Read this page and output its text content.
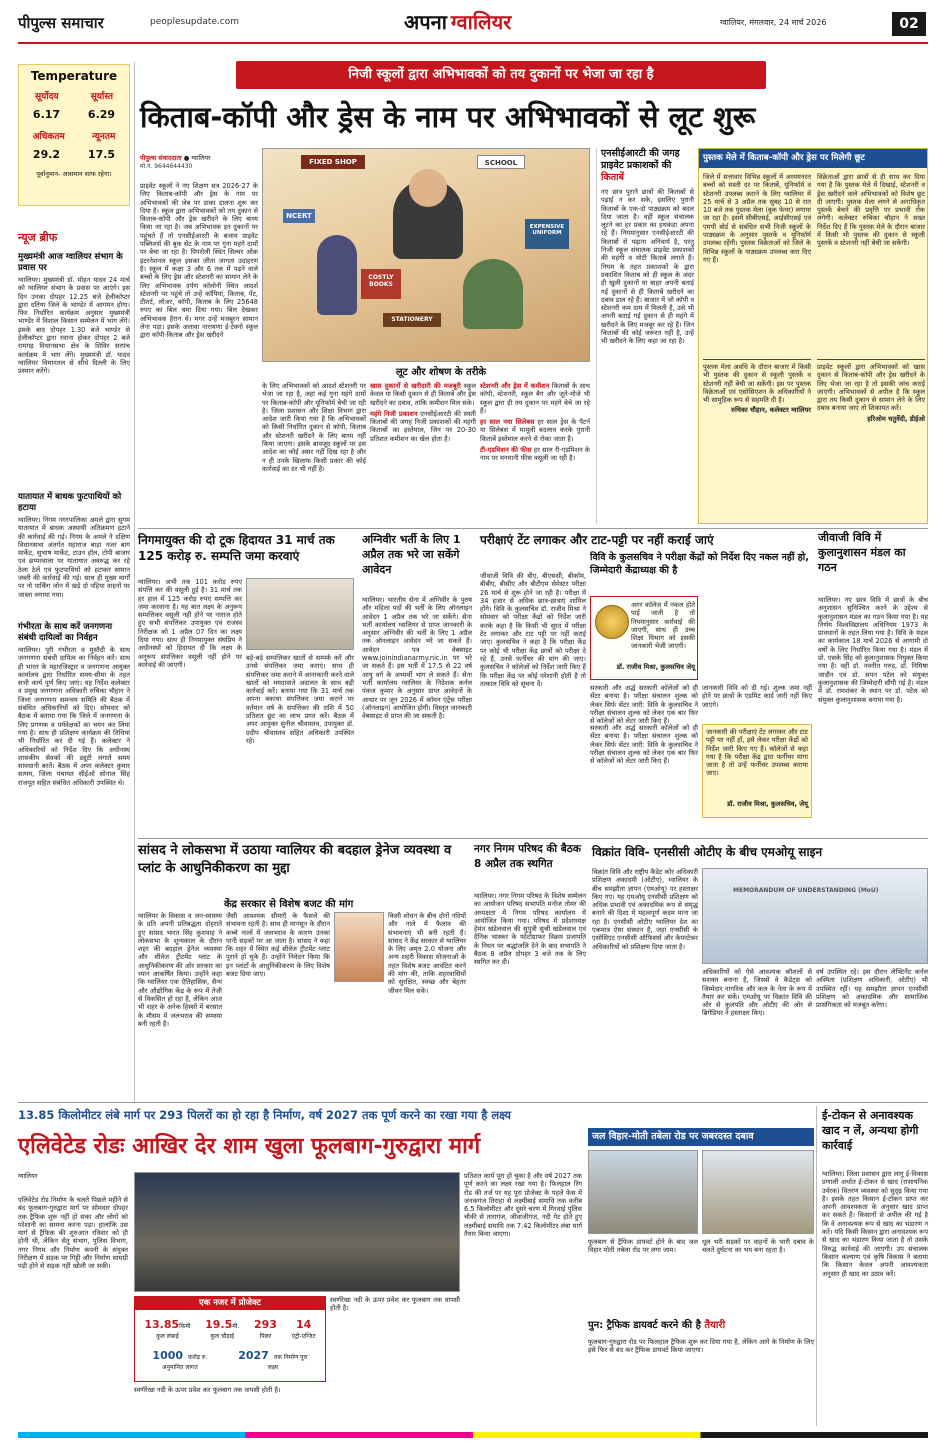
पीपुल्स समाचार	peoplesupdate.com	अपना ग्वालियर	ग्वालियर, मंगलवार, 24 मार्च 2026	02
Temperature
सूर्योदय	सूर्यास्त
6.17	6.29
अधिकतम	न्यूनतम
29.2	17.5
पूर्वानुमान- आसमान साफ रहेगा।
न्यूज ब्रीफ
मुख्यमंत्री आज ग्वालियर संभाग के प्रवास पर
ग्वालियर। मुख्यमंत्री डॉ. मोहन यादव 24 मार्च को ग्वालियर संभाग के प्रवास पर आएंगे। इस दिन उनका दोपहर 12.25 बजे हेलीकॉप्टर द्वारा दतिया जिले के भाण्डेर में आगमन होगा। फिर निर्धारित कार्यक्रम अनुसार मुख्यमंत्री भाण्डेर में विशाल किसान सम्मेलन में भाग लेंगे। इसके बाद दोपहर 1.30 बजे भाण्डेर से हेलीकॉप्टर द्वारा रवाना होकर दोपहर 2 बजे रामगढ़ विधानसभा क्षेत्र के शिविर सरपंच कार्यक्रम में भाग लेंगे। मुख्यमंत्री डॉ. यादव ग्वालियर विमानतल से सीधे दिल्ली के लिए प्रस्थान करेंगे।
यातायात में बाधक फुटपाथियों को हटाया
ग्वालियर। निगम नगरपालिका अमले द्वारा सुगम यातायात में बाधक अस्थायी अतिक्रमण हटाने की कार्रवाई की गई। निगम के अमले ने दक्षिण विधानसभा अंतर्गत महाराज बाड़ा नजर बाग मार्केट, सुभाष मार्केट, टाउन हॉल, टोपी बाजार एवं छप्परवाला पर यातायात अवरुद्ध कर रहे ठेला ठेले एवं फुटपाथियों को हटाकर सामान जब्ती की कार्रवाई की गई। साथ ही मुख्य मार्गों पर नो पार्किंग जोन में खड़े दो पहिया वाहनों पर जाब्ता लगाया गया।
गंभीरता के साथ करें जनगणना संबंधी दायित्वों का निर्वहन
ग्वालियर। पूरी गंभीरता व मुस्तैदी के साथ जनगणना संबंधी दायित्व का निर्वहन करें। साथ ही भारत के महारजिस्ट्रार व जनगणना आयुक्त कार्यालय द्वारा निर्धारित समय-सीमा के तहत सभी कार्य पूर्ण किए जाएं। यह निर्देश कलेक्टर व प्रमुख जनगणना अधिकारी रुचिका चौहान ने जिला जनगणना समन्वय समिति की बैठक में संबंधित अधिकारियों को दिए। सोमवार को बैठक में बताया गया कि जिले में जनगणना के लिए प्रगणक व पर्यवेक्षकों का चयन कर लिया गया है। साथ ही प्रशिक्षण कार्यक्रम की तिथियां भी निर्धारित कर दी गई हैं। कलेक्टर ने अधिकारियों को निर्देश दिए कि अधीनस्थ शासकीय सेवकों की ड्यूटी लगाते समय सावधानी बरतें। बैठक में अपर कलेक्टर कुमार सत्यम, जिला पंचायत सीईओ सोनाल सिंह राजपूत सहित संबंधित अधिकारी उपस्थित थे।
निजी स्कूलों द्वारा अभिभावकों को तय दुकानों पर भेजा जा रहा है
किताब-कॉपी और ड्रेस के नाम पर अभिभावकों से लूट शुरू
पीपुल्स संवाददाता ● ग्वालियर
मो.नं. 9644644430
प्राइवेट स्कूलों ने नए शिक्षण सत्र 2026-27 के लिए किताब-कॉपी और ड्रेस के नाम पर अभिभावकों की जेब पर डाका डालना शुरू कर दिया है। स्कूल द्वारा अभिभावकों को तय दुकान से किताब-कॉपी और ड्रेस खरीदने के लिए बाध्य किया जा रहा है। जब अभिभावक इन दुकानों पर पहुंचते हैं तो एनसीईआरटी के बजाय प्राइवेट पब्लिशर्स की बुक सेट के नाम पर गुना महंगे दामों पर बेचा जा रहा है। पिपरोली स्थित सिल्वर ओक इंटरनेशनल स्कूल इसका जीता जागता उदाहरण है। स्कूल में कक्षा 3 और 6 तक में पढ़ने वाले बच्चों के लिए ड्रेस और स्टेशनरी का सामान लेने के लिए अभिभावक दर्पण कॉलोनी स्थित आदर्श स्टेशनरी पर पहुंचे तो उन्हें कॉपियां, किताब, पेंट, टीशर्ट, लोअर, कॉपी, किताब के लिए 25648 रुपए का बिल थमा दिया गया। बिल देखकर अभिभावक हैरान थे। मगर उन्हें मजबूरन सामान लेना पड़ा। इसके अलावा नारायणा ई-टेक्नो स्कूल द्वारा कॉपी-किताब और ड्रेस खरीदने
FIXED SHOP	SCHOOL
NCERT
COSTLY BOOKS
EXPENSIVE UNIFORM
STATIONERY
लूट और शोषण के तरीके
के लिए अभिभावकों को आदर्श स्टेशनरी पर भेजा जा रहा है, जहां कई गुना महंगे दामों पर किताब-कॉपी और यूनिफॉर्म बेची जा रही है। जिला प्रशासन और शिक्षा विभाग द्वारा आदेश जारी किया गया है कि अभिभावकों को किसी निर्धारित दुकान से कॉपी, किताब और स्टेशनरी खरीदने के लिए बाध्य नहीं किया जाएगा। इसके बावजूद स्कूलों पर इस आदेश का कोई असर नहीं दिख रहा है और न ही उनके खिलाफ किसी प्रकार की कोई कार्रवाई का डर भी नहीं है।
खास दुकानों से खरीदारी की मजबूरी स्कूल केवल या किसी दुकान से ही किताबें और ड्रेस खरीदने का दबाव, ताकि कमीशन मिल सके।
महंगे निजी प्रकाशन एनसीईआरटी की सस्ती किताबों की जगह निजी प्रकाशकों की महंगी किताबों का इस्तेमाल, जिन पर 20-30 प्रतिशत कमीशन का खेल होता है।
स्टेशनरी और ड्रेस में कमीशन किताबों के साथ कॉपी, स्टेशनरी, स्कूल बैग और जूते-मोजे भी स्कूल द्वारा ही तय दुकान पर महंगे बेचे जा रहे हैं।
हर साल नया सिलेबस हर साल ड्रेस के पैटर्न या सिलेबस में मामूली बदलाव करके पुरानी किताबें इस्तेमाल करने से रोका जाता है।
टी-एडमिशन की फीस हर साल री-एडमिशन के नाम पर मनमानी फीस वसूली जा रही है।
एनसीईआरटी की जगह प्राइवेट प्रकाशकों की किताबें
नए छात्र पुराने छात्रों की किताबों से पढ़ाई न कर सके, इसलिए पुरानी किताबों के एक-दो पाठ्यक्रम को बदल दिया जाता है। वहीं स्कूल संचालक लूटने का हर प्रकार का हथकंडा अपना रहे हैं। नियमानुसार एनसीईआरटी की किताबों से पढ़ाना अनिवार्य है, परंतु निजी स्कूल संचालक प्राइवेट प्रकाशकों की महंगी व मोटी किताबें लगाते हैं। नियम के तहत प्रकाशकों के द्वारा प्रकाशित किताब को ही स्कूल के अंदर ही खुली दुकानों या बाहर अपनी बताई गई दुकानों से ही किताबें खरीदने का दबाव डाल रहे हैं। बाजार में जो कॉपी व स्टेशनरी कम दाम में मिलती है, उसे भी अपनी बताई गई दुकान से ही महंगे में खरीदने के लिए मजबूर कर रहे हैं। जिन किताबों की कोई जरूरत नहीं है, उन्हें भी खरीदने के लिए कहा जा रहा है।
पुस्तक मेले में किताब-कॉपी और ड्रेस पर मिलेगी छूट
जिले में सत्तावार विभिन्न स्कूलों में अध्ययनरत बच्चों को सस्ती दर पर किताबें, यूनिफॉर्म व स्टेशनरी उपलब्ध कराने के लिए ग्वालियर में 25 मार्च से 3 अप्रैल तक सुबह 10 से रात 10 बजे तक पुस्तक मेला (बुक फेयर) लगाया जा रहा है। इसमें सीबीएसई, आईसीएसई एवं एमपी बोर्ड से संबंधित सभी निजी स्कूलों के पाठ्यक्रम के अनुसार पुस्तकें व यूनिफॉर्म उपलब्ध रहेंगी। पुस्तक विक्रेताओं को जिले के विभिन्न स्कूलों के पाठ्यक्रम उपलब्ध करा दिए गए हैं।
विक्रेताओं द्वारा छात्रों से ही साथ कर दिया गया है कि पुस्तक मेले में दिखाई, स्टेशनरी व ड्रेस खरीदने वाले अभिभावकों को विशेष छूट दी जाएगी। पुस्तक मेला लगने से अनाधिकृत पुस्तकें बेचने की प्रवृत्ति पर प्रभावी रोक लगेगी। कलेक्टर रुचिका चौहान ने सख्त निर्देश दिए हैं कि पुस्तक मेले के दौरान बाजार में किसी भी पुस्तक की दुकान से स्कूली पुस्तकें व स्टेशनरी नहीं बेची जा सकेंगी।
पुस्तक मेला अवधि के दौरान बाजार में किसी भी पुस्तक की दुकान से स्कूली पुस्तकें व स्टेशनरी नहीं बेची जा सकेंगी। इस पर पुस्तक विक्रेताओं एवं एसोसिएशन के अधिकारियों ने भी सामूहिक रूप से सहमति दी है।
रुचिका चौहान, कलेक्टर ग्वालियर
प्राइवेट स्कूलों द्वारा अभिभावकों को खास दुकान से किताब-कॉपी और ड्रेस खरीदने के लिए भेजा जा रहा है तो इसकी जांच कराई जाएगी। अभिभावकों से अपील है कि स्कूल द्वारा तय किसी दुकान से सामान लेने के लिए दबाव बनाया जाए तो शिकायत करें।
हरिओम चतुर्वेदी, डीईओ
निगमायुक्त की दो टूक हिदायत 31 मार्च तक 125 करोड़ रु. सम्पत्ति जमा करवाएं
ग्वालियर। अभी तक 101 करोड़ रुपए संपत्ति कर की वसूली हुई है। 31 मार्च तक हर हाल में 125 करोड़ रुपए सम्पत्ति कर जमा करवाना है। यह बात लक्ष्य के अनुरूप सम्पत्तिकर वसूली नहीं होने पर नाराज होते हुए सभी संपत्तिकर उपायुक्त एवं राजस्व निरीक्षक को 1 अप्रैल 07 दिन का लक्ष्य दिया गया। साथ ही निगमायुक्त संघप्रिय ने अधीनस्थों को हिदायत दी कि लक्ष्य के अनुरूप संपत्तिकर वसूली नहीं होने पर कार्रवाई की जाएगी।
बड़े-बड़े सम्पत्तिकर खातों से सम्पर्क करें और उनसे संपत्तिकर जमा कराएं। साथ ही संपत्तिकर जमा कराने में आनाकानी करने वाले खातों को मयदावाते अदालत के साथ बड़ी कार्रवाई करें। बताया गया कि 31 मार्च तक अपना बकाया संपत्तिकर जमा कराने पर वर्तमान वर्ष के संपत्तिकर की राशि में 50 प्रतिशत छूट का लाभ प्राप्त करें। बैठक में अपर आयुक्त सुनील श्रीवास्तव, उपायुक्त डॉ. प्रदीप श्रीवास्तव सहित अधिकारी उपस्थित रहे।
अग्निवीर भर्ती के लिए 1 अप्रैल तक भरे जा सकेंगे आवेदन
ग्वालियर। भारतीय सेना में अग्निवीर के पुरुष और महिला पदों की भर्ती के लिए ऑनलाइन आवेदन 1 अप्रैल तक भरे जा सकेंगे। सेना भर्ती कार्यालय ग्वालियर से प्राप्त जानकारी के अनुसार अग्निवीर की भर्ती के लिए 1 अप्रैल तक ऑनलाइन आवेदन भरे जा सकते हैं। आवेदन पत्र वेबसाइट www.joinindianarmy.nic.in पर भरे जा सकते हैं। इस भर्ती में 17.5 से 22 वर्ष आयु वर्ग के अभ्यर्थी भाग ले सकते हैं। सेना भर्ती कार्यालय ग्वालियर के निदेशक कर्नल पंकज कुमार के अनुसार प्राप्त आवेदनों के आधार पर जून 2026 में कॉमन एंट्रेंस परीक्षा (ऑनलाइन) आयोजित होगी। विस्तृत जानकारी वेबसाइट से प्राप्त की जा सकती है।
परीक्षाएं टेंट लगाकर और टाट-पट्टी पर नहीं कराई जाएं
विवि के कुलसचिव ने परीक्षा केंद्रों को निर्देश दिए नकल नहीं हो, जिम्मेदारी केंद्राध्यक्ष की है
जीवाजी विवि की बीए, बीएससी, बीकॉम, बीबीए, बीसीए और बीटीएम सेमेस्टर परीक्षा 26 मार्च से शुरू होने जा रही है। परीक्षा में 34 हजार से अधिक छात्र-छात्राएं शामिल होंगे। विवि के कुलसचिव डॉ. राजीव मिश्रा ने सोमवार को परीक्षा केंद्रों को निर्देश जारी करके कहा है कि किसी भी सूरत में परीक्षा टेंट लगाकर और टाट पट्टी पर नहीं कराई जाए। कुलसचिव ने कहा है कि परीक्षा केंद्र पर कोई भी परीक्षा केंद्र छात्रों को परीक्षा दे रहे हैं, उनसे फर्नीचर की मांग की जाए। कुलसचिव ने कॉलेजों को निर्देश जारी किए हैं कि परीक्षा केंद्र पर कोई परेशानी होती है तो तत्काल विवि को सूचना दें।
अगर कॉलेज में नकल होते पाई जाती है तो नियमानुसार कार्रवाई की जाएगी, साथ ही उच्च शिक्षा विभाग को इसकी जानकारी भेजी जाएगी।
डॉ. राजीव मिश्रा, कुलसचिव जेयू
सरकारी और अर्द्ध सरकारी कॉलेजों को ही सेंटर बनाया है। परीक्षा संचालन शुल्क को लेकर सिर्फ सेंटर जारी: विवि के कुलसचिव ने परीक्षा संचालन शुल्क को लेकर एक बार फिर से कॉलेजों को लेटर जारी किए हैं।
जानकारी विवि को दी गई। शुल्क जमा नहीं होने पर छात्रों के एडमिट कार्ड जारी नहीं किए जाएंगे।
जानकारी की परीक्षाएं टेंट लगाकर और टाट पट्टी पर नहीं हों, इसे लेकर परीक्षा केंद्रों को निर्देश जारी किए गए हैं। कॉलेजों से कहा गया है कि परीक्षा केंद्र द्वारा फर्नीचर मांगा जाता है तो उन्हें फर्नीचर उपलब्ध कराया जाए।
डॉ. राजीव मिश्रा, कुलसचिव, जेयू
सरकारी और अर्द्ध सरकारी कॉलेजों को ही सेंटर बनाया है। परीक्षा संचालन शुल्क को लेकर सिर्फ सेंटर जारी: विवि के कुलसचिव ने परीक्षा संचालन शुल्क को लेकर एक बार फिर से कॉलेजों को लेटर जारी किए हैं।
जीवाजी विवि में कुलानुशासन मंडल का गठन
ग्वालियर। नए छात्र विवि में छात्रों के बीच अनुशासन सुनिश्चित करने के उद्देश्य से कुलानुशासन मंडल का गठन किया गया है। यह निर्णय विश्वविद्यालय अधिनियम 1973 के प्रावधानों के तहत लिया गया है। विवि के मंडल का कार्यकाल 18 मार्च 2026 से आगामी दो वर्षों के लिए निर्धारित किया गया है। मंडल में प्रो. एसके सिंह को कुलानुशासक नियुक्त किया गया है। वहीं डॉ. नवनीत गरुड़, डॉ. निमिषा जादौन एवं डॉ. सपन पटेल को संयुक्त कुलानुशासक की जिम्मेदारी सौंपी गई है। मंडल में डॉ. रामशंकर के स्थान पर डॉ. पटेल को संयुक्त कुलानुशासक बनाया गया है।
सांसद ने लोकसभा में उठाया ग्वालियर की बदहाल ड्रेनेज व्यवस्था व प्लांट के आधुनिकीकरण का मुद्दा
केंद्र सरकार से विशेष बजट की मांग
ग्वालियर के विकास व जन-स्वास्थ्य के प्रति अपनी प्रतिबद्धता दोहराते हुए सांसद भारत सिंह कुशवाह ने लोकसभा के शून्यकाल के दौरान शहर की बदहाल ड्रेनेज व्यवस्था और सीवेज ट्रीटमेंट प्लांट के आधुनिकीकरण की ओर सरकार का ध्यान आकर्षित किया। उन्होंने कहा कि ग्वालियर एक ऐतिहासिक, सैन्य और औद्योगिक केंद्र के रूप में तेजी से विकसित हो रहा है, लेकिन आज भी शहर के अनेक हिस्सों में बरसात के मौसम में जलभराव की समस्या बनी रहती है।
जैसी आवश्यक सीमाएँ के फैसले की संभावना रहती है। साथ ही मानसून के दौरान कच्चे नालों में जलभराव के कारण उनका पानी सड़कों पर आ जाता है। सांसद ने कहा कि शहर में स्थित कई सीवेज ट्रीटमेंट प्लांट पुराने हो चुके हैं। उन्होंने निवेदन किया कि इन प्लांटों के आधुनिकीकरण के लिए विशेष बजट दिया जाए।
किसी शोधन के बीच दोनों नदियों और नाले में फैलाव की संभावनाएं भी बनी रहती हैं। सांसद ने केंद्र सरकार से ग्वालियर के लिए अमृत 2.0 योजना और अन्य शहरी विकास योजनाओं के तहत विशेष बजट आवंटित करने की मांग की, ताकि शहरवासियों को सुरक्षित, स्वच्छ और बेहतर जीवन मिल सके।
नगर निगम परिषद की बैठक 8 अप्रैल तक स्थगित
ग्वालियर। नगर निगम परिषद के विशेष सम्मेलन का आयोजन परिषद सभापति मनोज तोमर की अध्यक्षता में निगम परिषद कार्यालय में आयोजित किया गया। परिषद में प्रदेशाध्यक्ष हेमंत खंडेलवाल की सुपुत्री सुश्री खंडेलवाल एवं दैनिक भास्कर के फोटोग्राफर विक्रम प्रजापति के निधन पर श्रद्धांजलि देने के बाद सभापति ने बैठक 8 अप्रैल दोपहर 3 बजे तक के लिए स्थगित कर दी।
विक्रांत विवि- एनसीसी ओटीए के बीच एमओयू साइन
MEMORANDUM OF UNDERSTANDING (MoU)
विक्रांत विवि और राष्ट्रीय कैडेट कोर अधिकारी प्रशिक्षण अकादमी (ओटीए), ग्वालियर के बीच समझौता ज्ञापन (एमओयू) पर हस्ताक्षर किए गए। यह एमओयू एनसीसी प्रशिक्षण को अधिक प्रभावी एवं अकादमिक रूप से समृद्ध बनाने की दिशा में महत्वपूर्ण कदम माना जा रहा है। एनसीसी ओटीए ग्वालियर देश का एकमात्र ऐसा संस्थान है, जहां एनसीसी के एसोसिएट एनसीसी ऑफिसर्स और केयरटेकर अधिकारियों को प्रशिक्षण दिया जाता है।
अधिकारियों को ऐसे आवश्यक कौशलों से सशक्त बनाना है, जिससे वे कैडेट्स को जिम्मेदार नागरिक और कल के नेता के रूप में तैयार कर सकें। एमओयू पर विक्रांत विवि की ओर से कुलपति और ओटीए की ओर से ब्रिगेडियर ने हस्ताक्षर किए।
वर्ष उपस्थित रहे। इस दौरान लेफ्टिनेंट कर्नल अस्मिता (प्रशिक्षण अधिकारी, ओटीए) भी उपस्थित रहीं। यह समझौता ज्ञापन एनसीसी प्रशिक्षण को अकादमिक और सामाजिक प्रासंगिकता को मजबूत करेगा।
13.85 किलोमीटर लंबे मार्ग पर 293 पिलरों का हो रहा है निर्माण, वर्ष 2027 तक पूर्ण करने का रखा गया है लक्ष्य
एलिवेटेड रोडः आखिर देर शाम खुला फूलबाग-गुरुद्वारा मार्ग
ग्वालियर
एलिवेटेड रोड निर्माण के चलते पिछले महीने से बंद फूलबाग-गुरुद्वारा मार्ग पर सोमवार दोपहर तक ट्रैफिक शुरू नहीं हो सका और लोगों को परेशानी का सामना करना पड़ा। हालांकि उस मार्ग से ट्रैफिक की शुरुआत रविवार को ही होनी थी, लेकिन सेतु संभाग, पुलिस विभाग, नगर निगम और निर्माण कंपनी के संयुक्त निरीक्षण में सड़क पर गिट्टी और निर्माण सामग्री पड़ी होने से सड़क नहीं खोली जा सकी।
एक नजर में प्रोजेक्ट
13.85किमी
कुल लंबाई
19.5मी.
कुल चौड़ाई
293
पिलर
14
एंट्री-एग्जिट
1000 करोड़ रु.
अनुमानित लागत
2027 तक निर्माण पूरा
लक्ष्य
स्वर्णरेखा नदी के ऊपर प्रवेश कर फूलबाग तक वापसी होती है।
स्वर्णरेखा नदी के ऊपर प्रवेश कर फूलबाग तक वापसी होती है।
प्रतिशत कार्य पूरा हो चुका है और वर्ष 2027 तक पूर्ण करने का लक्ष्य रखा गया है। फिलहाल रिंग रोड की तर्ज पर यह पूरा प्रोजेक्ट के पहले फेस में जनकगंज तिराहा से लक्ष्मीबाई समाधि तक करीब 6.5 किलोमीटर और दूसरे चरण में गिरवाई पुलिस चौकी से तारागंज, जीवाजीगंज, नदी गेट होते हुए लक्ष्मीबाई समाधि तक 7.42 किलोमीटर लंबा मार्ग तैयार किया जाएगा।
जल विहार-मोती तबेला रोड पर जबरदस्त दबाव
फूलबाग से ट्रैफिक डायवर्ट होने के बाद जल विहार मोती तबेला रोड पर लगा जाम।
धूल भरी सड़कों पर वाहनों के भारी दबाव के चलते दुर्घटना का भय बना रहता है।
पुन: ट्रैफिक डायवर्ट करने की है तैयारी
फूलबाग-गुरुद्वारा रोड पर फिलहाल ट्रैफिक शुरू कर दिया गया है, लेकिन आगे के निर्माण के लिए इसे फिर से बंद कर ट्रैफिक डायवर्ट किया जाएगा।
ई-टोकन से अनावश्यक खाद न लें, अन्यथा होगी कार्रवाई
ग्वालियर। जिला प्रशासन द्वारा लागू ई-विकास प्रणाली अर्थात ई-टोकन से खाद (रासायनिक उर्वरक) वितरण व्यवस्था को सुदृढ़ किया गया है। इसके तहत किसान ई-टोकन प्राप्त कर अपनी आवश्यकता के अनुसार खाद प्राप्त कर सकते हैं। किसानों से अपील की गई है कि वे अनावश्यक रूप से खाद का भंडारण न करें। यदि किसी किसान द्वारा अनावश्यक रूप से खाद का भंडारण किया जाता है तो उसके विरुद्ध कार्रवाई की जाएगी। उप संचालक किसान कल्याण एवं कृषि विकास ने बताया कि किसान केवल अपनी आवश्यकता अनुसार ही खाद का उठाव करें।
